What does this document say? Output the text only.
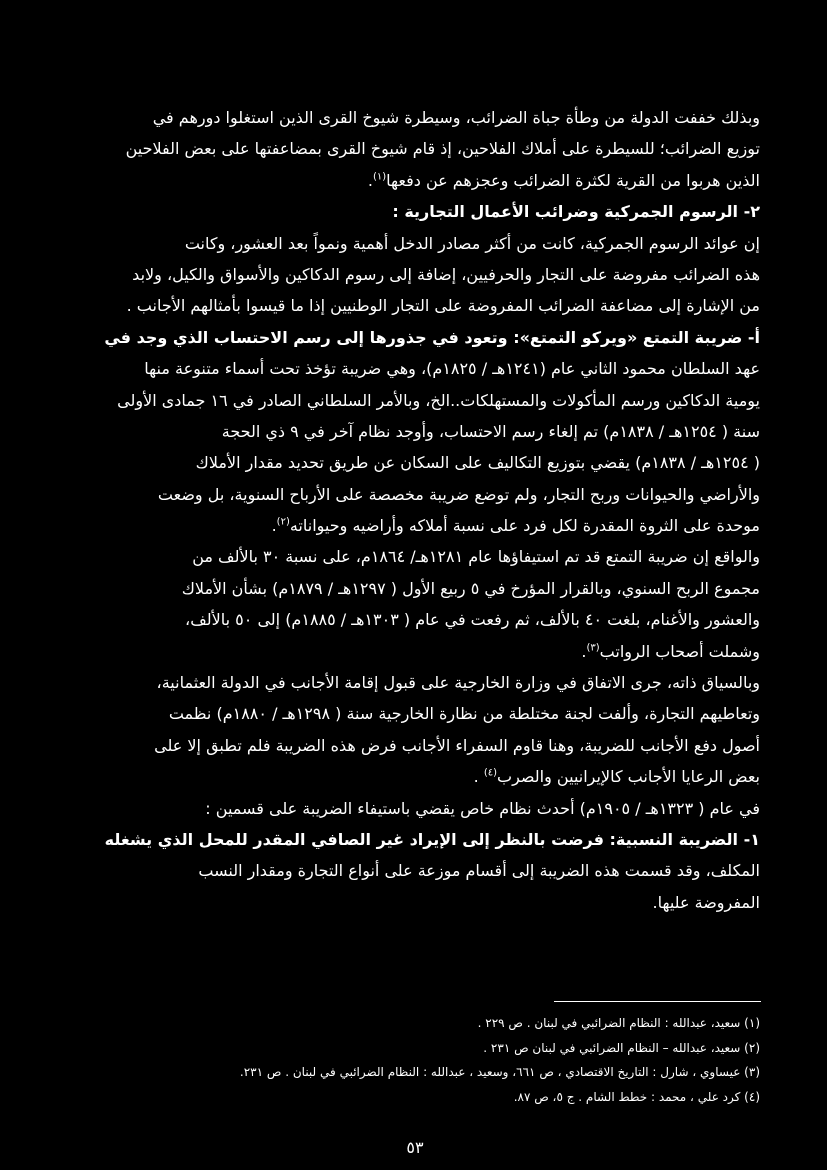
وبذلك خففت الدولة من وطأة جباة الضرائب، وسيطرة شيوخ القرى الذين استغلوا دورهم في
توزيع الضرائب؛ للسيطرة على أملاك الفلاحين، إذ قام شيوخ القرى بمضاعفتها على بعض الفلاحين
الذين هربوا من القرية لكثرة الضرائب وعجزهم عن دفعها$^{(١)}$.
٢- الرسوم الجمركية وضرائب الأعمال التجارية :
إن عوائد الرسوم الجمركية، كانت من أكثر مصادر الدخل أهمية ونمواً بعد العشور، وكانت
هذه الضرائب مفروضة على التجار والحرفيين، إضافة إلى رسوم الدكاكين والأسواق والكيل، ولابد
من الإشارة إلى مضاعفة الضرائب المفروضة على التجار الوطنيين إذا ما قيسوا بأمثالهم الأجانب .
أ- ضريبة التمتع «ويركو التمتع»: وتعود في جذورها إلى رسم الاحتساب الذي وجد في
عهد السلطان محمود الثاني عام (١٢٤١هـ / ١٨٢٥م)، وهي ضريبة تؤخذ تحت أسماء متنوعة منها
يومية الدكاكين ورسم المأكولات والمستهلكات..الخ، وبالأمر السلطاني الصادر في ١٦ جمادى الأولى
سنة ( ١٢٥٤هـ / ١٨٣٨م) تم إلغاء رسم الاحتساب، وأوجد نظام آخر في ٩ ذي الحجة
( ١٢٥٤هـ / ١٨٣٨م) يقضي بتوزيع التكاليف على السكان عن طريق تحديد مقدار الأملاك
والأراضي والحيوانات وربح التجار، ولم توضع ضريبة مخصصة على الأرباح السنوية، بل وضعت
موحدة على الثروة المقدرة لكل فرد على نسبة أملاكه وأراضيه وحيواناته$^{(٢)}$.
والواقع إن ضريبة التمتع قد تم استيفاؤها عام ١٢٨١هـ/ ١٨٦٤م، على نسبة ٣٠ بالألف من
مجموع الربح السنوي، وبالقرار المؤرخ في ٥ ربيع الأول ( ١٢٩٧هـ / ١٨٧٩م) بشأن الأملاك
والعشور والأغنام، بلغت ٤٠ بالألف، ثم رفعت في عام ( ١٣٠٣هـ / ١٨٨٥م) إلى ٥٠ بالألف،
وشملت أصحاب الرواتب$^{(٣)}$.
وبالسياق ذاته، جرى الاتفاق في وزارة الخارجية على قبول إقامة الأجانب في الدولة العثمانية،
وتعاطيهم التجارة، وألفت لجنة مختلطة من نظارة الخارجية سنة ( ١٢٩٨هـ / ١٨٨٠م) نظمت
أصول دفع الأجانب للضريبة، وهنا قاوم السفراء الأجانب فرض هذه الضريبة فلم تطبق إلا على
بعض الرعايا الأجانب كالإيرانيين والصرب$^{(٤)}$ .
في عام ( ١٣٢٣هـ / ١٩٠٥م) أحدث نظام خاص يقضي باستيفاء الضريبة على قسمين :
١- الضريبة النسبية: فرضت بالنظر إلى الإيراد غير الصافي المقدر للمحل الذي يشغله
المكلف، وقد قسمت هذه الضريبة إلى أقسام موزعة على أنواع التجارة ومقدار النسب
المفروضة عليها.
(١) سعيد، عبدالله : النظام الضرائبي في لبنان . ص ٢٢٩ .
(٢) سعيد، عبدالله – النظام الضرائبي في لبنان ص ٢٣١ .
(٣) عيساوي ، شارل : التاريخ الاقتصادي ، ص ٦٦١، وسعيد ، عبدالله : النظام الضرائبي في لبنان . ص ٢٣١.
(٤) كرد علي ، محمد : خطط الشام . ج ٥، ص ٨٧.
٥٣
